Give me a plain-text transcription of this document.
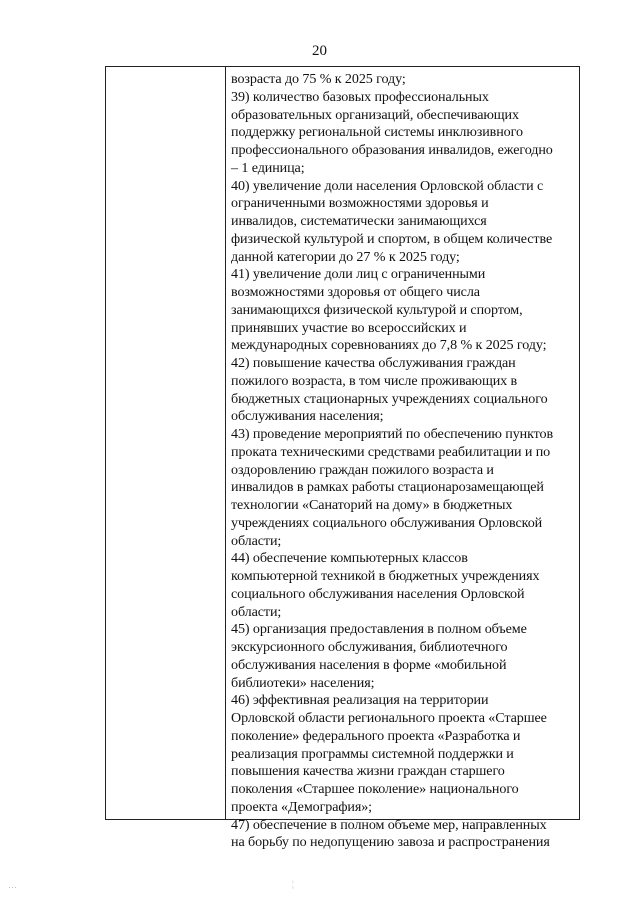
20
возраста до 75 % к 2025 году;
39) количество базовых профессиональных
образовательных организаций, обеспечивающих
поддержку региональной системы инклюзивного
профессионального образования инвалидов, ежегодно
– 1 единица;
40) увеличение доли населения Орловской области с
ограниченными возможностями здоровья и
инвалидов, систематически занимающихся
физической культурой и спортом, в общем количестве
данной категории до 27 % к 2025 году;
41) увеличение доли лиц с ограниченными
возможностями здоровья от общего числа
занимающихся физической культурой и спортом,
принявших участие во всероссийских и
международных соревнованиях до 7,8 % к 2025 году;
42) повышение качества обслуживания граждан
пожилого возраста, в том числе проживающих в
бюджетных стационарных учреждениях социального
обслуживания населения;
43) проведение мероприятий по обеспечению пунктов
проката техническими средствами реабилитации и по
оздоровлению граждан пожилого возраста и
инвалидов в рамках работы стационарозамещающей
технологии «Санаторий на дому» в бюджетных
учреждениях социального обслуживания Орловской
области;
44) обеспечение компьютерных классов
компьютерной техникой в бюджетных учреждениях
социального обслуживания населения Орловской
области;
45) организация предоставления в полном объеме
экскурсионного обслуживания, библиотечного
обслуживания населения в форме «мобильной
библиотеки» населения;
46) эффективная реализация на территории
Орловской области регионального проекта «Старшее
поколение» федерального проекта «Разработка и
реализация программы системной поддержки и
повышения качества жизни граждан старшего
поколения «Старшее поколение» национального
проекта «Демография»;
47) обеспечение в полном объеме мер, направленных
на борьбу по недопущению завоза и распространения
…	¦
